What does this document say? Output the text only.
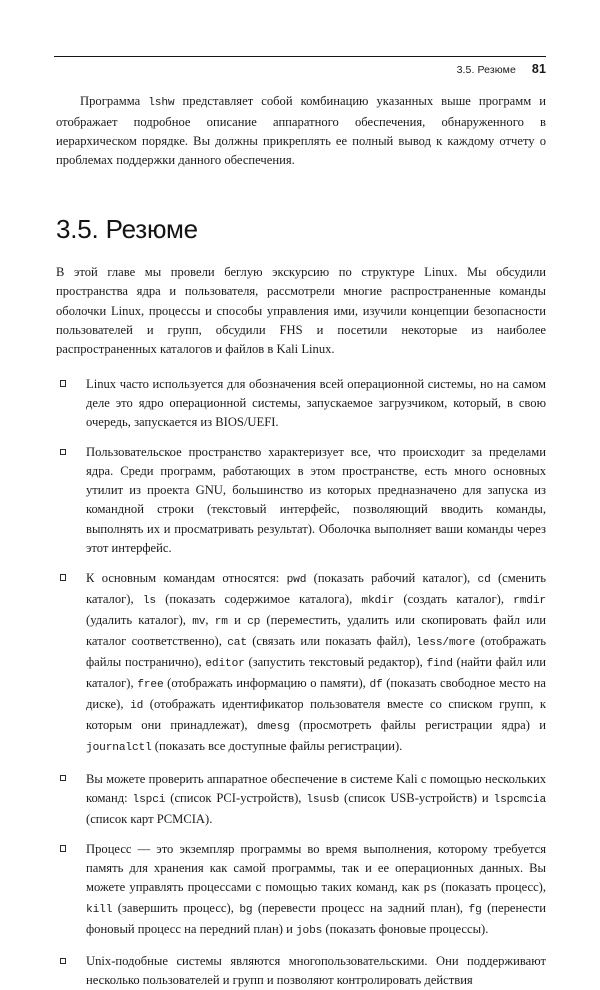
3.5. Резюме 81

Программа lshw представляет собой комбинацию указанных выше программ и отображает подробное описание аппаратного обеспечения, обнаруженного в иерархическом порядке. Вы должны прикреплять ее полный вывод к каждому отчету о проблемах поддержки данного обеспечения.

3.5. Резюме

В этой главе мы провели беглую экскурсию по структуре Linux. Мы обсудили пространства ядра и пользователя, рассмотрели многие распространенные команды оболочки Linux, процессы и способы управления ими, изучили концепции безопасности пользователей и групп, обсудили FHS и посетили некоторые из наиболее распространенных каталогов и файлов в Kali Linux.

Linux часто используется для обозначения всей операционной системы, но на самом деле это ядро операционной системы, запускаемое загрузчиком, который, в свою очередь, запускается из BIOS/UEFI.
Пользовательское пространство характеризует все, что происходит за пределами ядра. Среди программ, работающих в этом пространстве, есть много основных утилит из проекта GNU, большинство из которых предназначено для запуска из командной строки (текстовый интерфейс, позволяющий вводить команды, выполнять их и просматривать результат). Оболочка выполняет ваши команды через этот интерфейс.
К основным командам относятся: pwd (показать рабочий каталог), cd (сменить каталог), ls (показать содержимое каталога), mkdir (создать каталог), rmdir (удалить каталог), mv, rm и cp (переместить, удалить или скопировать файл или каталог соответственно), cat (связать или показать файл), less/more (отображать файлы постранично), editor (запустить текстовый редактор), find (найти файл или каталог), free (отображать информацию о памяти), df (показать свободное место на диске), id (отображать идентификатор пользователя вместе со списком групп, к которым они принадлежат), dmesg (просмотреть файлы регистрации ядра) и journalctl (показать все доступные файлы регистрации).
Вы можете проверить аппаратное обеспечение в системе Kali с помощью нескольких команд: lspci (список PCI-устройств), lsusb (список USB-устройств) и lspcmcia (список карт PCMCIA).
Процесс — это экземпляр программы во время выполнения, которому требуется память для хранения как самой программы, так и ее операционных данных. Вы можете управлять процессами с помощью таких команд, как ps (показать процесс), kill (завершить процесс), bg (перевести процесс на задний план), fg (перенести фоновый процесс на передний план) и jobs (показать фоновые процессы).
Unix-подобные системы являются многопользовательскими. Они поддерживают несколько пользователей и групп и позволяют контролировать действия
